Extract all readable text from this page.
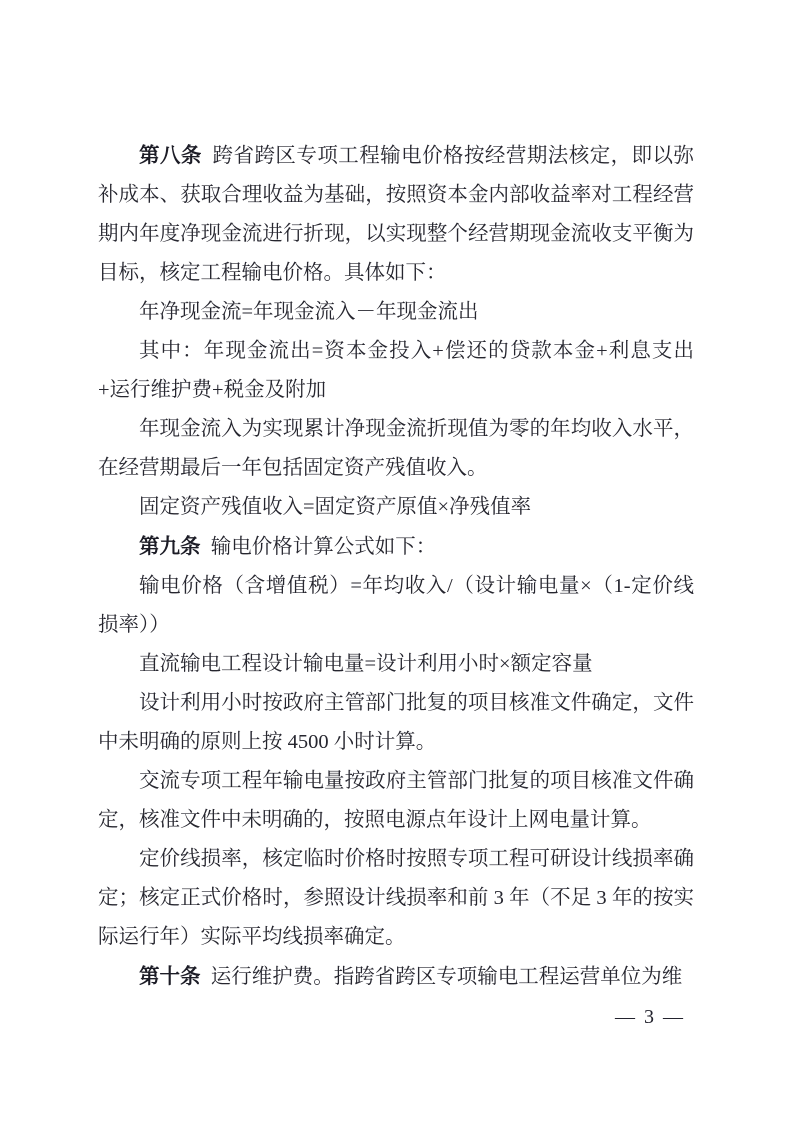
第八条  跨省跨区专项工程输电价格按经营期法核定，即以弥补成本、获取合理收益为基础，按照资本金内部收益率对工程经营期内年度净现金流进行折现，以实现整个经营期现金流收支平衡为目标，核定工程输电价格。具体如下：

年净现金流=年现金流入－年现金流出

其中：年现金流出=资本金投入+偿还的贷款本金+利息支出+运行维护费+税金及附加

年现金流入为实现累计净现金流折现值为零的年均收入水平，在经营期最后一年包括固定资产残值收入。

固定资产残值收入=固定资产原值×净残值率

第九条  输电价格计算公式如下：

输电价格（含增值税）=年均收入/（设计输电量×（1-定价线损率））

直流输电工程设计输电量=设计利用小时×额定容量

设计利用小时按政府主管部门批复的项目核准文件确定，文件中未明确的原则上按 4500 小时计算。

交流专项工程年输电量按政府主管部门批复的项目核准文件确定，核准文件中未明确的，按照电源点年设计上网电量计算。

定价线损率，核定临时价格时按照专项工程可研设计线损率确定；核定正式价格时，参照设计线损率和前 3 年（不足 3 年的按实际运行年）实际平均线损率确定。

第十条  运行维护费。指跨省跨区专项输电工程运营单位为维

— 3 —
